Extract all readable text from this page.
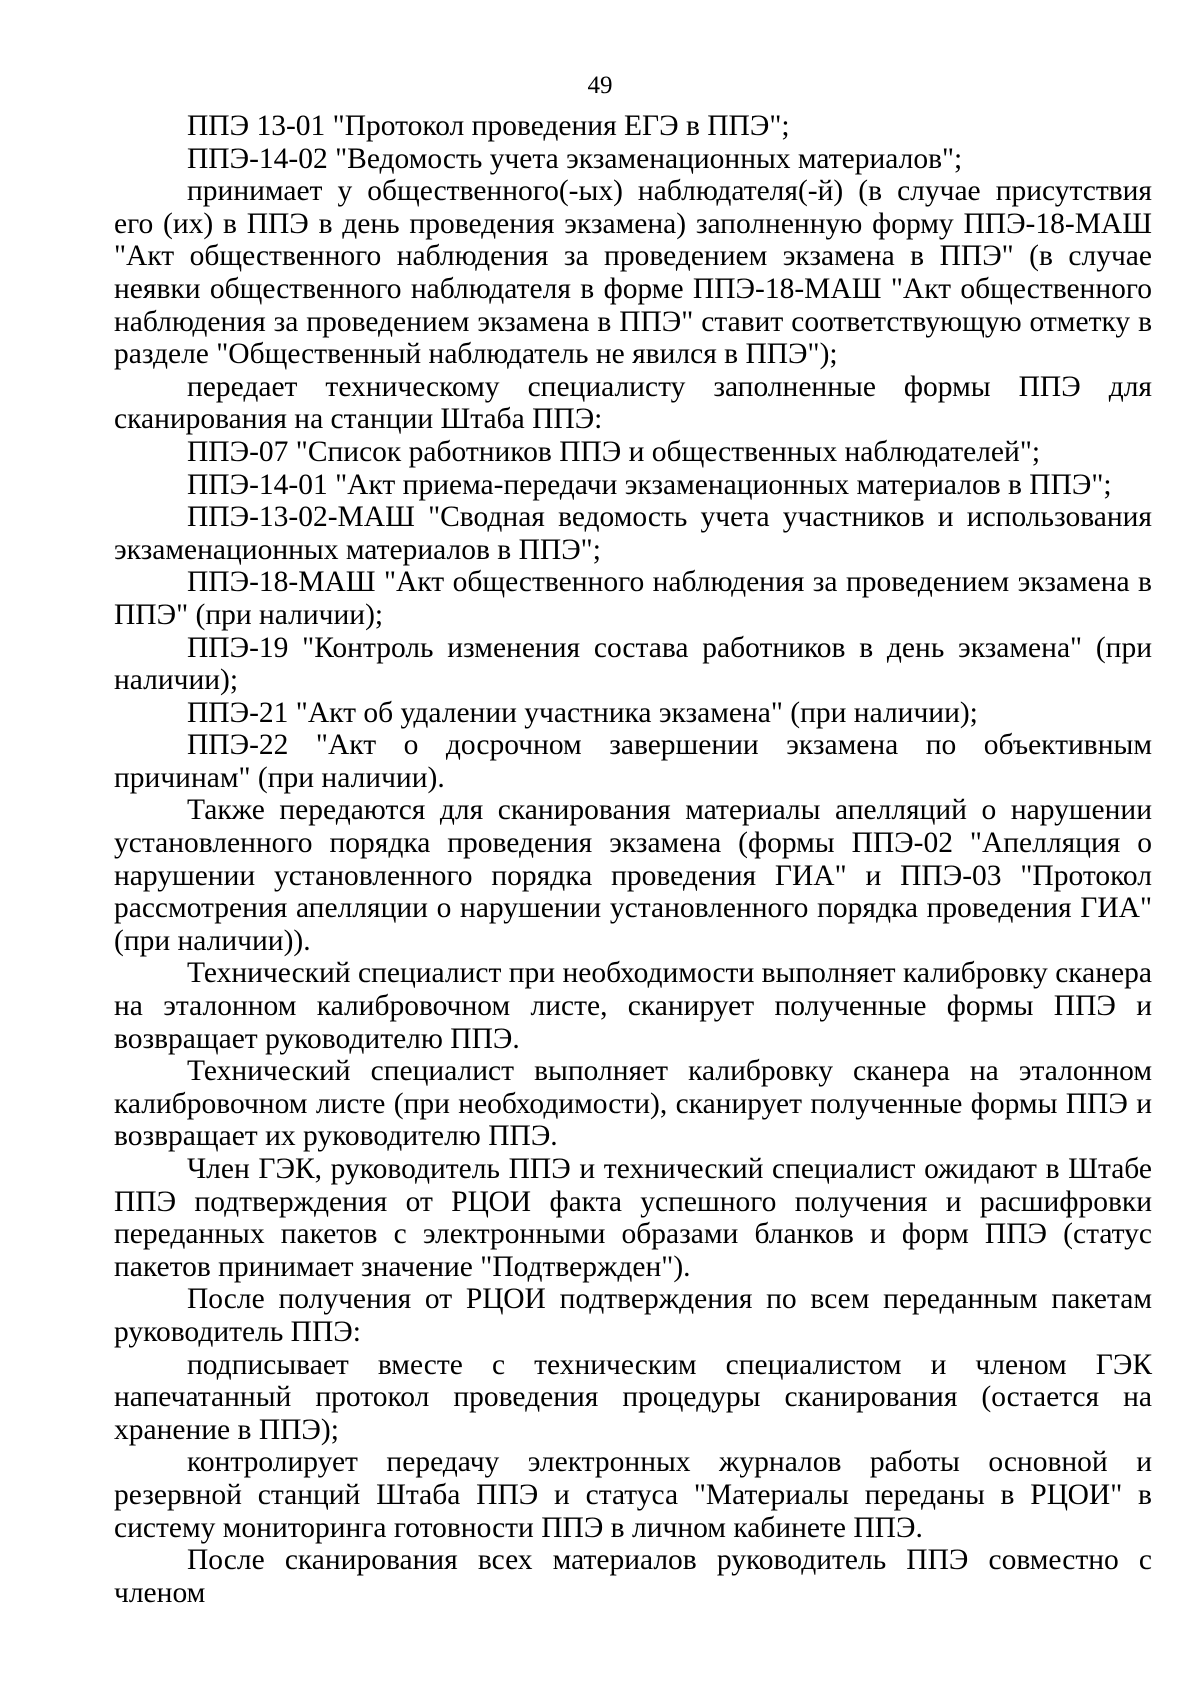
49

ППЭ 13-01 "Протокол проведения ЕГЭ в ППЭ";

ППЭ-14-02 "Ведомость учета экзаменационных материалов";

принимает у общественного(-ых) наблюдателя(-й) (в случае присутствия его (их) в ППЭ в день проведения экзамена) заполненную форму ППЭ-18-МАШ "Акт общественного наблюдения за проведением экзамена в ППЭ" (в случае неявки общественного наблюдателя в форме ППЭ-18-МАШ "Акт общественного наблюдения за проведением экзамена в ППЭ" ставит соответствующую отметку в разделе "Общественный наблюдатель не явился в ППЭ");

передает техническому специалисту заполненные формы ППЭ для сканирования на станции Штаба ППЭ:

ППЭ-07 "Список работников ППЭ и общественных наблюдателей";

ППЭ-14-01 "Акт приема-передачи экзаменационных материалов в ППЭ";

ППЭ-13-02-МАШ "Сводная ведомость учета участников и использования экзаменационных материалов в ППЭ";

ППЭ-18-МАШ "Акт общественного наблюдения за проведением экзамена в ППЭ" (при наличии);

ППЭ-19 "Контроль изменения состава работников в день экзамена" (при наличии);

ППЭ-21 "Акт об удалении участника экзамена" (при наличии);

ППЭ-22 "Акт о досрочном завершении экзамена по объективным причинам" (при наличии).

Также передаются для сканирования материалы апелляций о нарушении установленного порядка проведения экзамена (формы ППЭ-02 "Апелляция о нарушении установленного порядка проведения ГИА" и ППЭ-03 "Протокол рассмотрения апелляции о нарушении установленного порядка проведения ГИА" (при наличии)).

Технический специалист при необходимости выполняет калибровку сканера на эталонном калибровочном листе, сканирует полученные формы ППЭ и возвращает руководителю ППЭ.

Технический специалист выполняет калибровку сканера на эталонном калибровочном листе (при необходимости), сканирует полученные формы ППЭ и возвращает их руководителю ППЭ.

Член ГЭК, руководитель ППЭ и технический специалист ожидают в Штабе ППЭ подтверждения от РЦОИ факта успешного получения и расшифровки переданных пакетов с электронными образами бланков и форм ППЭ (статус пакетов принимает значение "Подтвержден").

После получения от РЦОИ подтверждения по всем переданным пакетам руководитель ППЭ:

подписывает вместе с техническим специалистом и членом ГЭК напечатанный протокол проведения процедуры сканирования (остается на хранение в ППЭ);

контролирует передачу электронных журналов работы основной и резервной станций Штаба ППЭ и статуса "Материалы переданы в РЦОИ" в систему мониторинга готовности ППЭ в личном кабинете ППЭ.

После сканирования всех материалов руководитель ППЭ совместно с членом
